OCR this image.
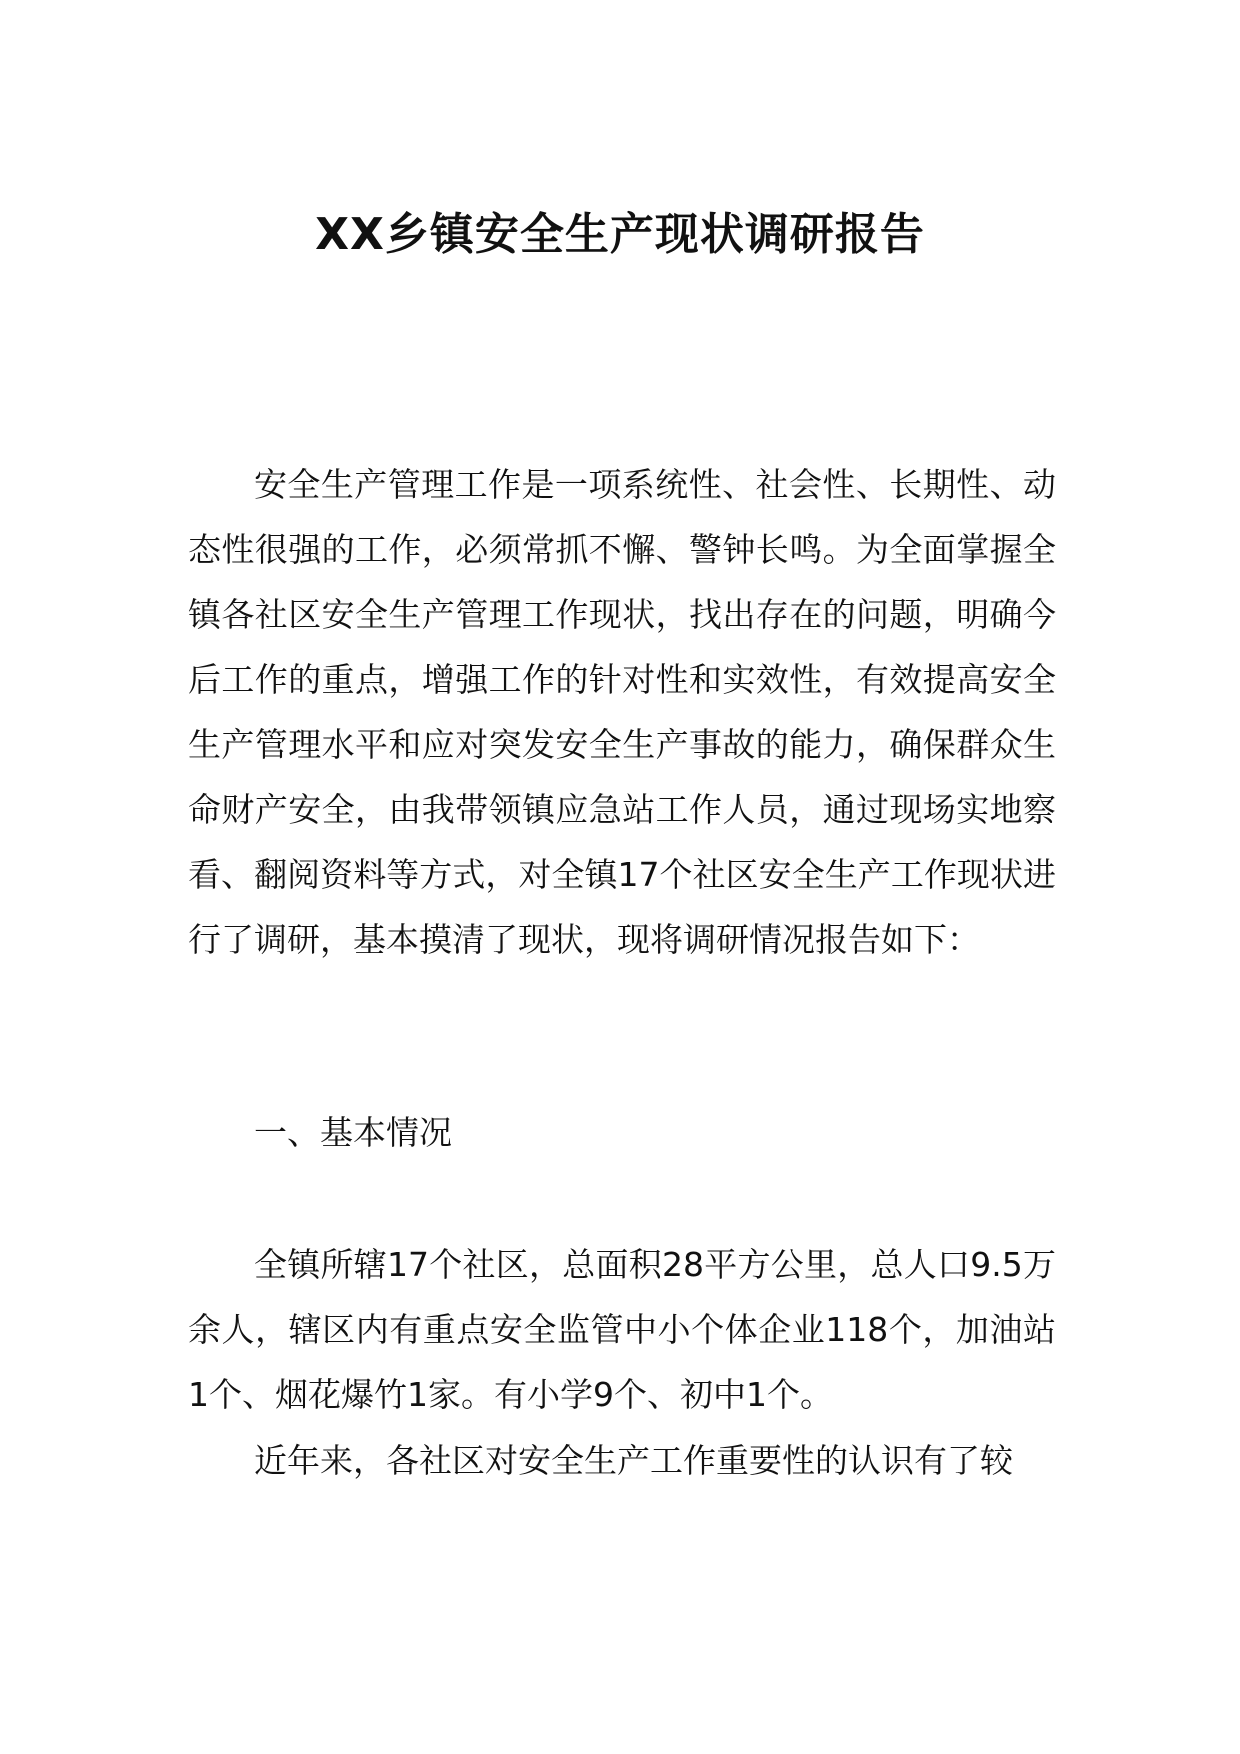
XX乡镇安全生产现状调研报告

安全生产管理工作是一项系统性、社会性、长期性、动态性很强的工作，必须常抓不懈、警钟长鸣。为全面掌握全镇各社区安全生产管理工作现状，找出存在的问题，明确今后工作的重点，增强工作的针对性和实效性，有效提高安全生产管理水平和应对突发安全生产事故的能力，确保群众生命财产安全，由我带领镇应急站工作人员，通过现场实地察看、翻阅资料等方式，对全镇17个社区安全生产工作现状进行了调研，基本摸清了现状，现将调研情况报告如下：

一、基本情况

全镇所辖17个社区，总面积28平方公里，总人口9.5万余人，辖区内有重点安全监管中小个体企业118个，加油站1个、烟花爆竹1家。有小学9个、初中1个。

近年来，各社区对安全生产工作重要性的认识有了较
